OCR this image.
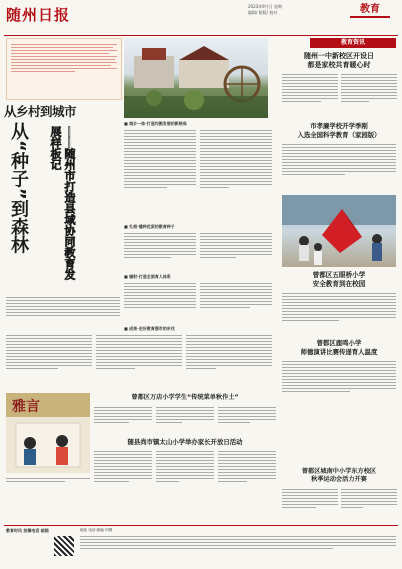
随州日报	2023年9月日 星期
编辑/ 排版/ 校对	教育
教育资讯
随州一中新校区开设日
都是家校共育暖心时
从乡村到城市
——随州市打造县域协同教育发展样板记
从“种子”到森林	■ 城乡一体·打造均衡发展的新格局	市孝廉学校开学季刚
入选全国科学教育（家园版）
■ 扎根·播种优质的教育种子
■ 辐射·打造全面育人体系
■ 成果·走好教育强市的步伐
曾都区五眼桥小学
安全教育到在校园
曾都区鹿鸣小学
师德演讲比赛传递育人温度
雅言
曾都区万店小学学生“传统菜单秋作土”
随县尚市镇太山小学举办家长开放日活动
曾都区城南中小学东方校区
秋季运动会活力开赛
教育时讯 投稿电话 邮箱	地址 电话 邮编 印刷
